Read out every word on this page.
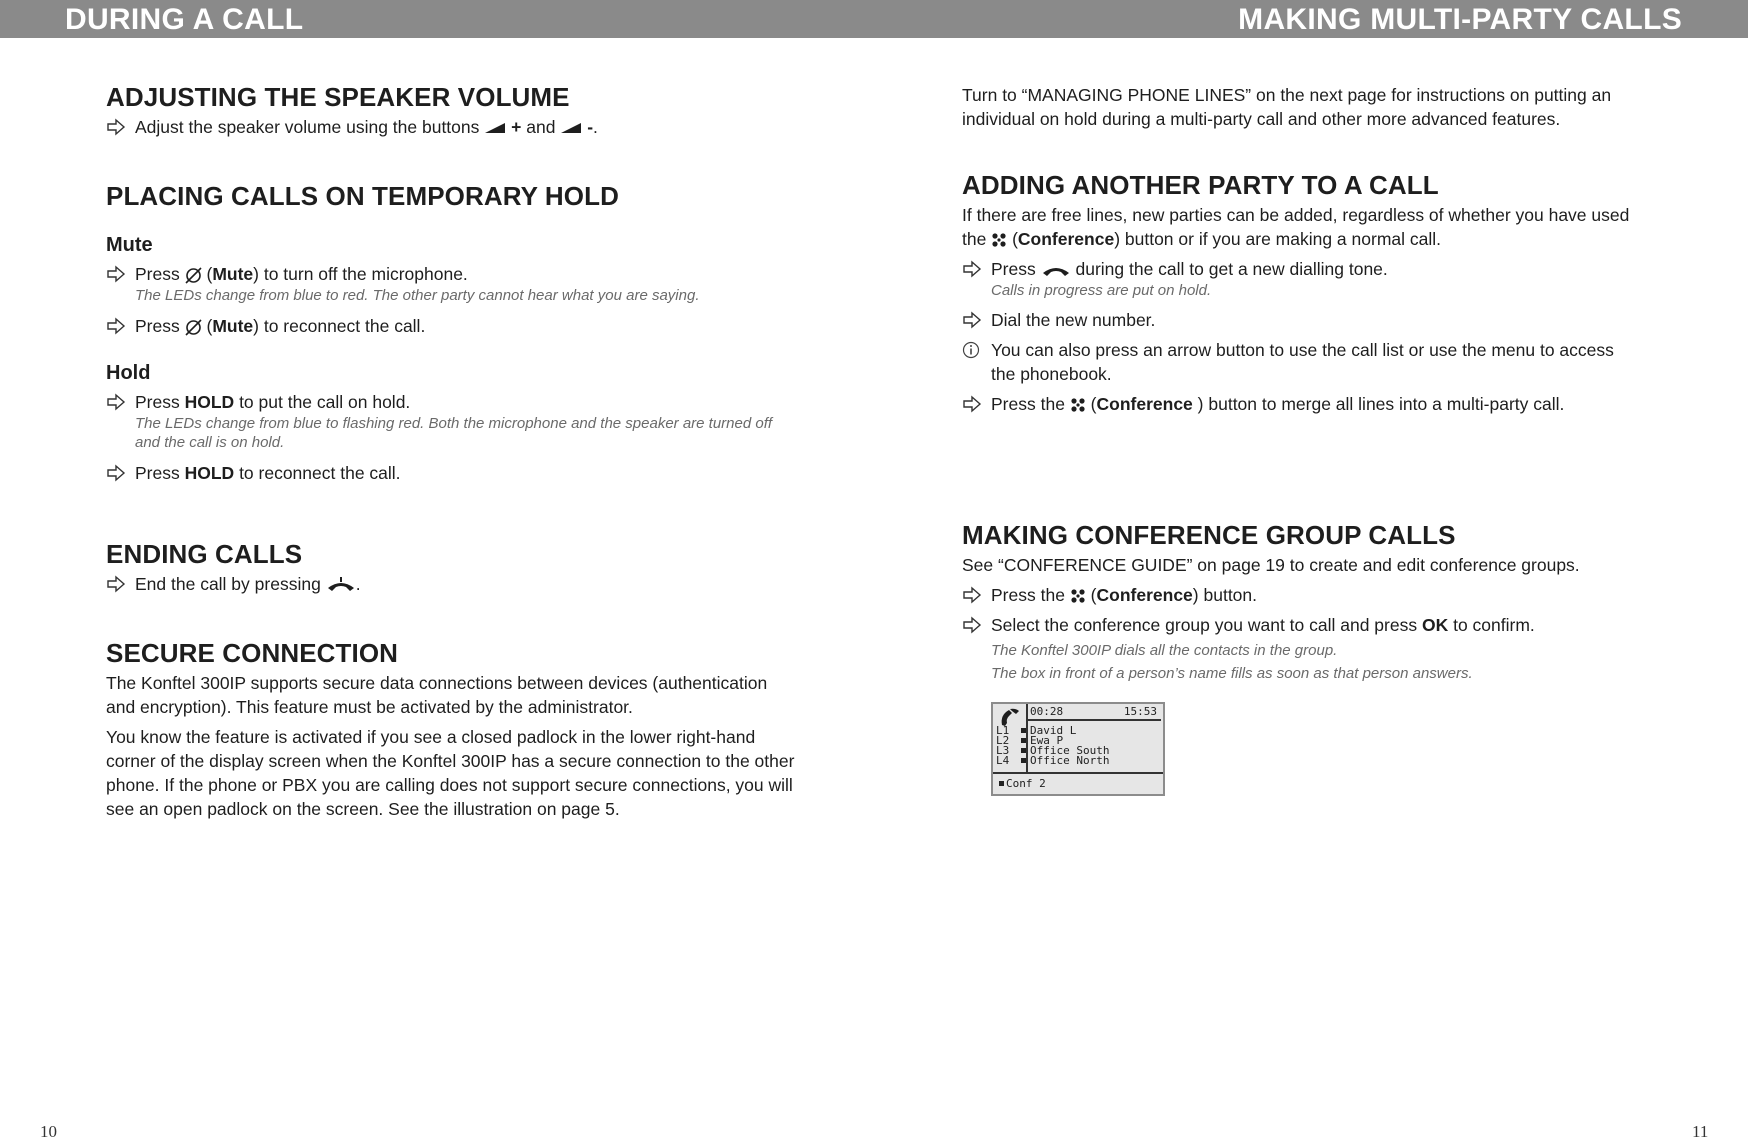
DURING A CALL	MAKING MULTI-PARTY CALLS
ADJUSTING THE SPEAKER VOLUME
Adjust the speaker volume using the buttons + and -.
PLACING CALLS ON TEMPORARY HOLD
Mute
Press  (Mute) to turn off the microphone.
The LEDs change from blue to red. The other party cannot hear what you are saying.
Press  (Mute) to reconnect the call.
Hold
Press HOLD to put the call on hold.
The LEDs change from blue to flashing red. Both the microphone and the speaker are turned off and the call is on hold.
Press HOLD to reconnect the call.
ENDING CALLS
End the call by pressing .
SECURE CONNECTION

The Konftel 300IP supports secure data connections between devices (authentication and encryption). This feature must be activated by the administrator.

You know the feature is activated if you see a closed padlock in the lower right-hand corner of the display screen when the Konftel 300IP has a secure connection to the other phone. If the phone or PBX you are calling does not support secure connections, you will see an open padlock on the screen. See the illustration on page 5.

10

Turn to “MANAGING PHONE LINES” on the next page for instructions on putting an individual on hold during a multi-party call and other more advanced features.

ADDING ANOTHER PARTY TO A CALL

If there are free lines, new parties can be added, regardless of whether you have used the  (Conference) button or if you are making a normal call.

Press during the call to get a new dialling tone.
Calls in progress are put on hold.
Dial the new number.
You can also press an arrow button to use the call list or use the menu to access the phonebook.
Press the  (Conference ) button to merge all lines into a multi-party call.
MAKING CONFERENCE GROUP CALLS

See “CONFERENCE GUIDE” on page 19 to create and edit conference groups.

Press the  (Conference) button.
Select the conference group you want to call and press OK to confirm.
The Konftel 300IP dials all the contacts in the group.
The box in front of a person’s name fills as soon as that person answers.
00:28	15:53
L1
L2
L3
L4
David L
Ewa P
Office South
Office North
Conf 2
11
